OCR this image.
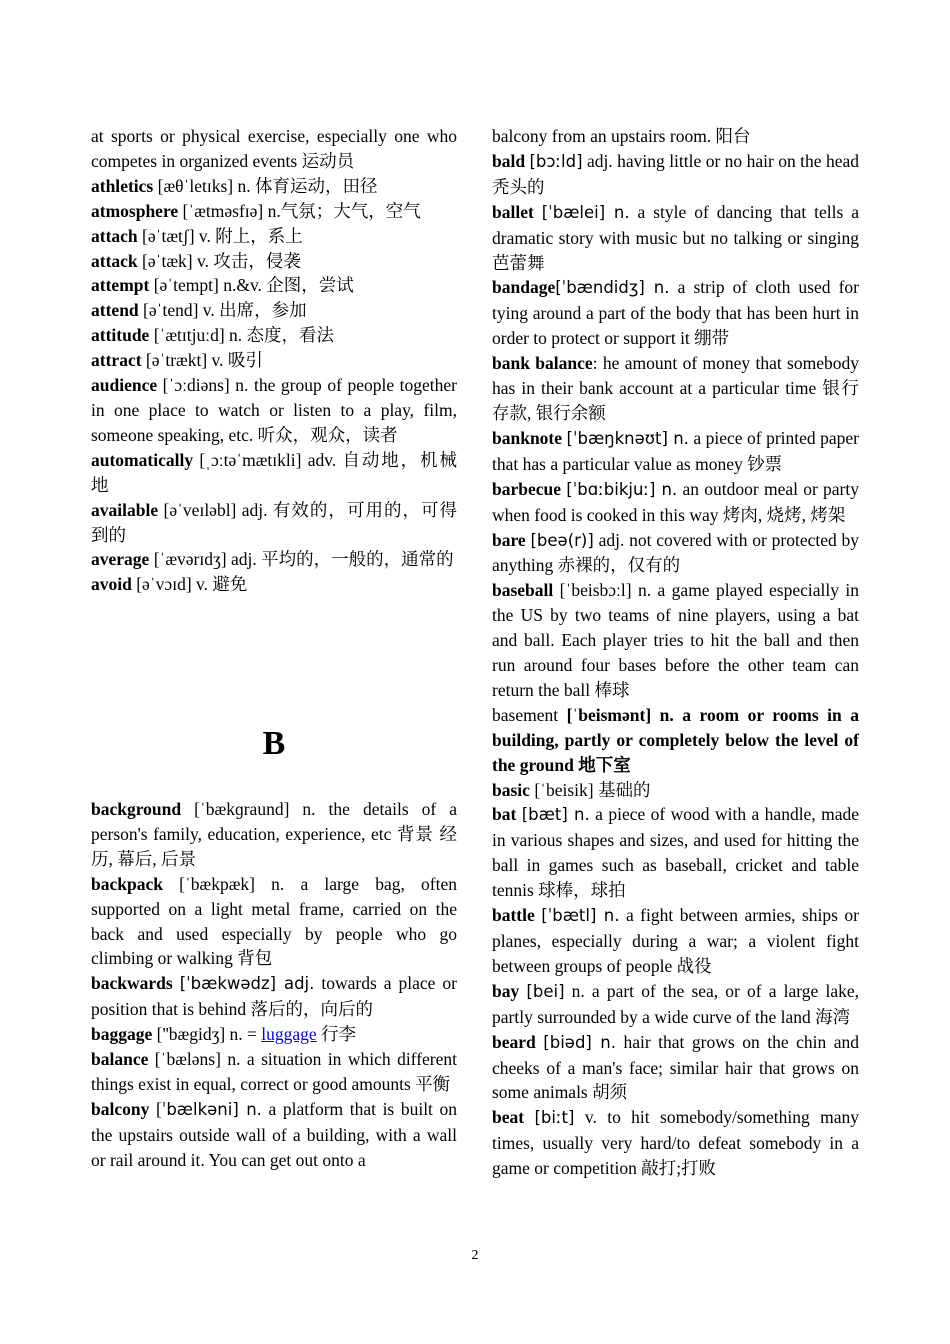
at sports or physical exercise, especially one who competes in organized events 运动员

athletics [æθˈletɪks] n. 体育运动，田径

atmosphere [ˈætməsfɪə] n.气氛；大气，空气

attach [əˈtætʃ] v. 附上，系上

attack [əˈtæk] v. 攻击，侵袭

attempt [əˈtempt] n.&v. 企图，尝试

attend [əˈtend] v. 出席，参加

attitude [ˈætɪtjuːd] n. 态度，看法

attract [əˈtrækt] v. 吸引

audience [ˈɔːdiəns] n. the group of people together in one place to watch or listen to a play, film, someone speaking, etc. 听众，观众，读者

automatically [ˌɔːtəˈmætɪkli] adv. 自动地，机械地

available [əˈveɪləbl] adj. 有效的，可用的，可得到的

average [ˈævərɪdʒ] adj. 平均的，一般的，通常的

avoid [əˈvɔɪd] v. 避免

B

background [ˈbækɡraund] n. the details of a person's family, education, experience, etc 背景 经历, 幕后, 后景

backpack [ˈbækpæk] n. a large bag, often supported on a light metal frame, carried on the back and used especially by people who go climbing or walking 背包

backwards [ˈbækwədz] adj. towards a place or position that is behind 落后的，向后的

baggage [''bægidʒ] n. = luggage 行李

balance [ˈbæləns] n. a situation in which different things exist in equal, correct or good amounts 平衡

balcony [ˈbælkəni] n. a platform that is built on the upstairs outside wall of a building, with a wall or rail around it. You can get out onto a

balcony from an upstairs room. 阳台

bald [bɔːld] adj. having little or no hair on the head 秃头的

ballet [ˈbælei] n. a style of dancing that tells a dramatic story with music but no talking or singing 芭蕾舞

bandage[ˈbændidʒ] n. a strip of cloth used for tying around a part of the body that has been hurt in order to protect or support it 绷带

bank balance: he amount of money that somebody has in their bank account at a particular time 银行存款, 银行余额

banknote [ˈbæŋknəʊt] n. a piece of printed paper that has a particular value as money 钞票

barbecue [ˈbɑːbikjuː] n. an outdoor meal or party when food is cooked in this way 烤肉, 烧烤, 烤架

bare [beə(r)] adj. not covered with or protected by anything 赤裸的，仅有的

baseball [ˈbeisbɔːl] n. a game played especially in the US by two teams of nine players, using a bat and ball. Each player tries to hit the ball and then run around four bases before the other team can return the ball 棒球

basement [ˈbeismənt] n. a room or rooms in a building, partly or completely below the level of the ground 地下室

basic [ˈbeisik] 基础的

bat [bæt] n. a piece of wood with a handle, made in various shapes and sizes, and used for hitting the ball in games such as baseball, cricket and table tennis 球棒，球拍

battle [ˈbætl] n. a fight between armies, ships or planes, especially during a war; a violent fight between groups of people 战役

bay [bei] n. a part of the sea, or of a large lake, partly surrounded by a wide curve of the land 海湾

beard [biəd] n. hair that grows on the chin and cheeks of a man's face; similar hair that grows on some animals 胡须

beat [biːt] v. to hit somebody/something many times, usually very hard/to defeat somebody in a game or competition 敲打;打败

2
